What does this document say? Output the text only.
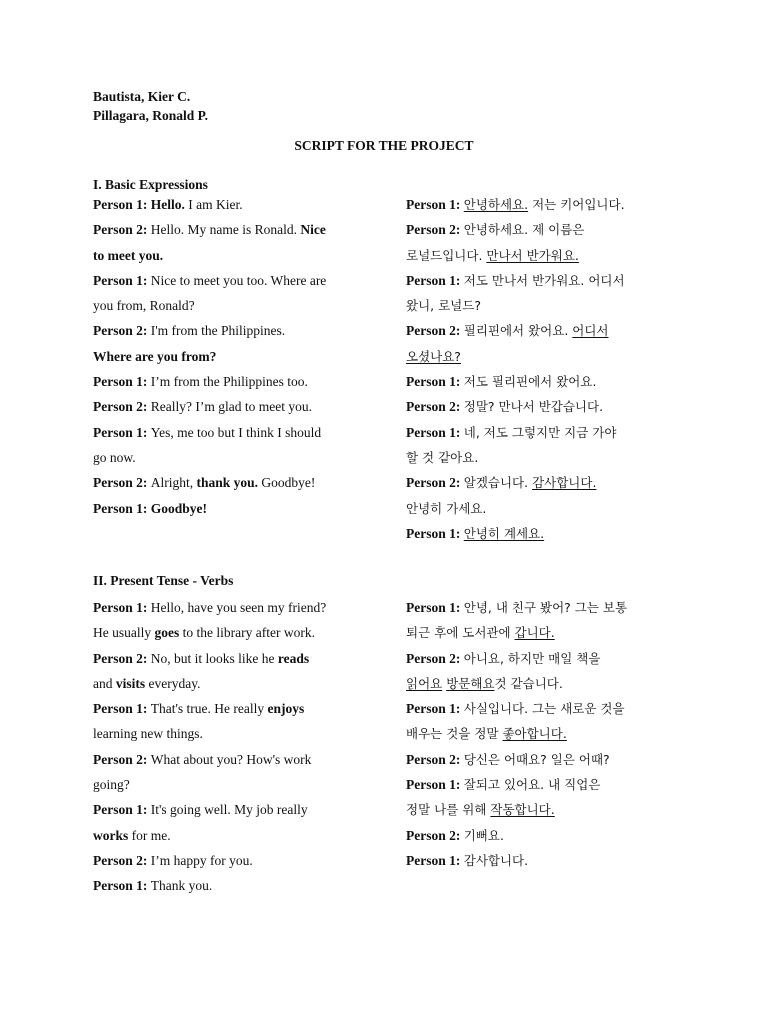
Bautista, Kier C.
Pillagara, Ronald P.
SCRIPT FOR THE PROJECT
I. Basic Expressions
Person 1: Hello. I am Kier.
Person 2: Hello. My name is Ronald. Nice
to meet you.
Person 1: Nice to meet you too. Where are
you from, Ronald?
Person 2: I'm from the Philippines.
Where are you from?
Person 1: I’m from the Philippines too.
Person 2: Really? I’m glad to meet you.
Person 1: Yes, me too but I think I should
go now.
Person 2: Alright, thank you. Goodbye!
Person 1: Goodbye!
Person 1: 안녕하세요. 저는 키어입니다.
Person 2: 안녕하세요. 제 이름은
로널드입니다. 만나서 반가워요.
Person 1: 저도 만나서 반가워요. 어디서
왔니, 로널드?
Person 2: 필리핀에서 왔어요. 어디서
오셨나요?
Person 1: 저도 필리핀에서 왔어요.
Person 2: 정말? 만나서 반갑습니다.
Person 1: 네, 저도 그렇지만 지금 가야
할 것 같아요.
Person 2: 알겠습니다. 감사합니다.
안녕히 가세요.
Person 1: 안녕히 계세요.
II. Present Tense - Verbs
Person 1: Hello, have you seen my friend?
He usually goes to the library after work.
Person 2: No, but it looks like he reads
and visits everyday.
Person 1: That's true. He really enjoys
learning new things.
Person 2: What about you? How's work
going?
Person 1: It's going well. My job really
works for me.
Person 2: I’m happy for you.
Person 1: Thank you.
Person 1: 안녕, 내 친구 봤어? 그는 보통
퇴근 후에 도서관에 갑니다.
Person 2: 아니요, 하지만 매일 책을
읽어요 방문해요것 같습니다.
Person 1: 사실입니다. 그는 새로운 것을
배우는 것을 정말 좋아합니다.
Person 2: 당신은 어때요? 일은 어때?
Person 1: 잘되고 있어요. 내 직업은
정말 나를 위해 작동합니다.
Person 2: 기뻐요.
Person 1: 감사합니다.
